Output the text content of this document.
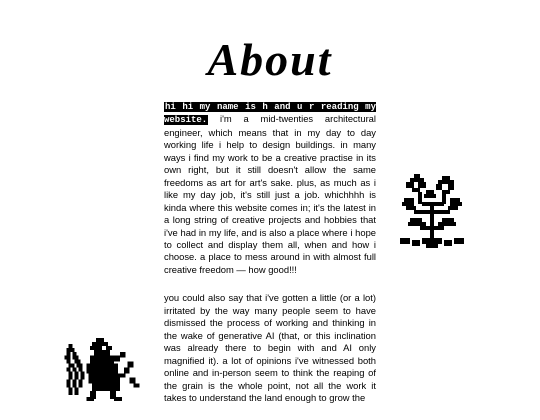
About

hi hi my name is h and u r reading my website. i'm a mid-twenties architectural engineer, which means that in my day to day working life i help to design buildings. in many ways i find my work to be a creative practise in its own right, but it still doesn't allow the same freedoms as art for art's sake. plus, as much as i like my day job, it's still just a job. whichhhh is kinda where this website comes in; it's the latest in a long string of creative projects and hobbies that i've had in my life, and is also a place where i hope to collect and display them all, when and how i choose. a place to mess around in with almost full creative freedom — how good!!!

you could also say that i've gotten a little (or a lot) irritated by the way many people seem to have dismissed the process of working and thinking in the wake of generative AI (that, or this inclination was already there to begin with and AI only magnified it). a lot of opinions i've witnessed both online and in-person seem to think the reaping of the grain is the whole point, not all the work it takes to understand the land enough to grow the
